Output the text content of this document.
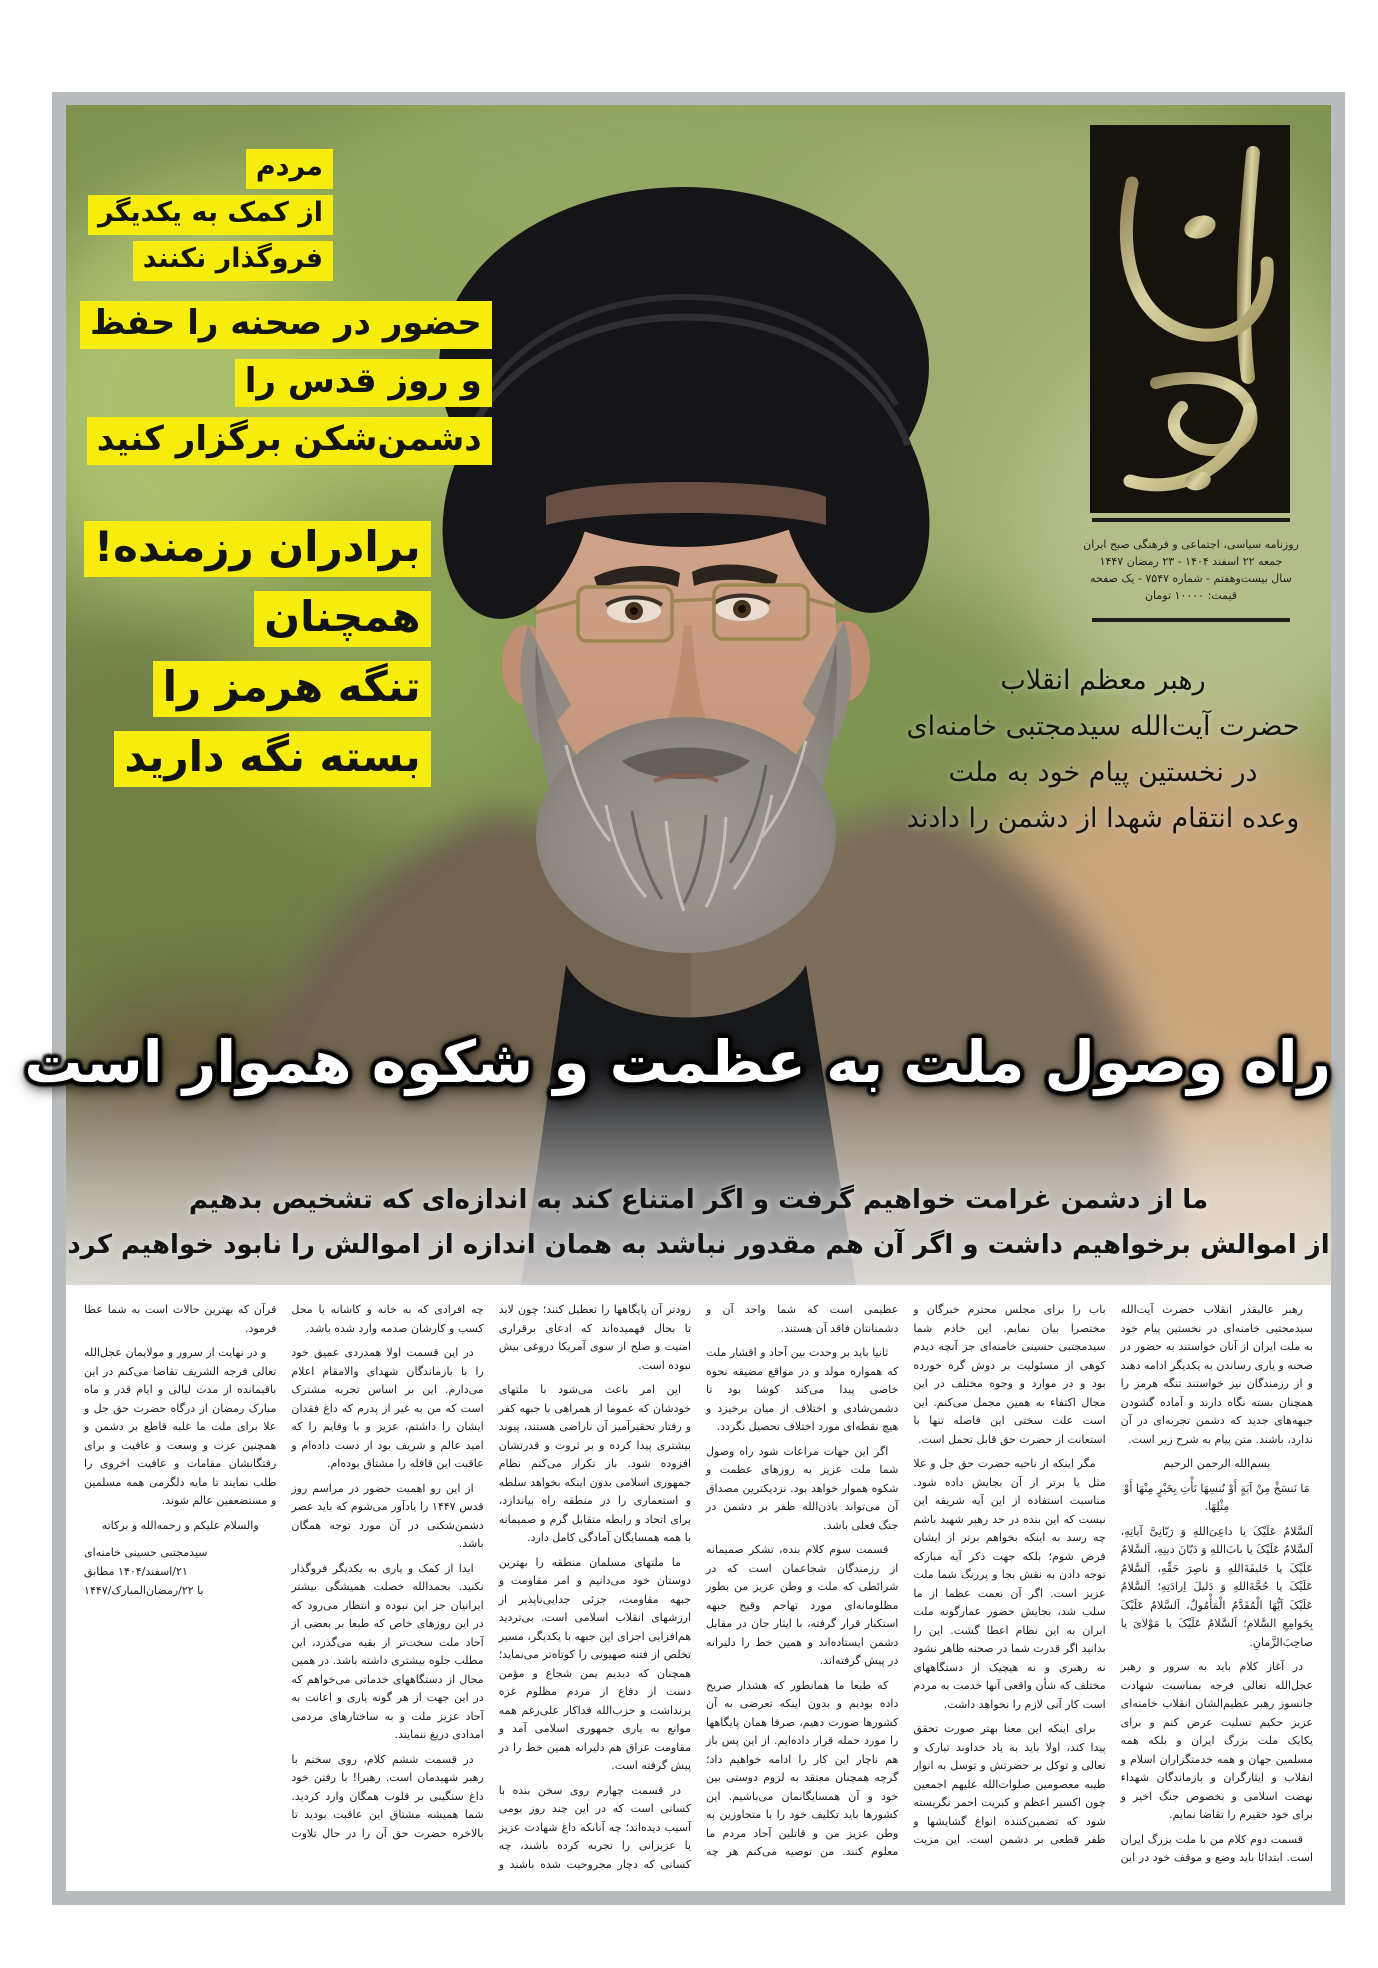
روزنامه سیاسی، اجتماعی و فرهنگی صبح ایران
جمعه ۲۲ اسفند ۱۴۰۴ - ۲۳ رمضان ۱۴۴۷
سال بیست‌وهفتم - شماره ۷۵۴۷ - یک صفحه
قیمت: ۱۰۰۰۰ تومان
رهبر معظم انقلاب
حضرت آیت‌الله سیدمجتبی خامنه‌ای
در نخستین پیام خود به ملت
وعده انتقام شهدا از دشمن را دادند
مردم
از کمک به یکدیگر
فروگذار نکنند
حضور در صحنه را حفظ
و روز قدس را
دشمن‌شکن برگزار کنید
برادران رزمنده!
همچنان
تنگه هرمز را
بسته نگه دارید
راه وصول ملت به عظمت و شکوه هموار است
ما از دشمن غرامت خواهیم گرفت و اگر امتناع کند به اندازه‌ای که تشخیص بدهیم
از اموالش برخواهیم داشت و اگر آن هم مقدور نباشد به همان اندازه از اموالش را نابود خواهیم کرد

رهبر عالیقدر انقلاب حضرت آیت‌الله سیدمجتبی خامنه‌ای در نخستین پیام خود به ملت ایران از آنان خواستند به حضور در صحنه و یاری رساندن به یکدیگر ادامه دهند و از رزمندگان نیز خواستند تنگه هرمز را همچنان بسته نگاه دارند و آماده گشودن جبهه‌های جدید که دشمن تجربه‌ای در آن ندارد، باشند. متن پیام به شرح زیر است.

بسم‌الله الرحمن الرحیم

مَا نَنسَخْ مِنْ آیَةٍ أَوْ نُنسِهَا نَأْتِ بِخَیْرٍ مِنْهَا أَوْ مِثْلِهَا.

اَلسَّلامُ عَلَیْکَ یا داعِیَ‌اللهِ وَ رَبّانِیَّ آیاتِهِ، اَلسَّلامُ عَلَیْکَ یا بابَ‌اللهِ وَ دَیّانَ دینِهِ، اَلسَّلامُ عَلَیْکَ یا خَلیفَةَ‌اللهِ وَ ناصِرَ حَقِّهِ، اَلسَّلامُ عَلَیْکَ یا حُجَّةَ‌اللهِ وَ دَلیلَ اِرادَتِهِ؛ اَلسَّلامُ عَلَیْکَ اَیُّهَا الْمُقَدَّمُ الْمَأْمُولُ، اَلسَّلامُ عَلَیْکَ بِجَوامِعِ السَّلامِ؛ اَلسَّلامُ عَلَیْکَ یا مَوْلایَ یا صاحِبَ‌الزَّمانِ.

در آغاز کلام باید به سرور و رهبر عجل‌الله تعالی فرجه بمناسبت شهادت جانسوز رهبر عظیم‌الشان انقلاب خامنه‌ای عزیز حکیم تسلیت عرض کنم و برای یکایک ملت بزرگ ایران و بلکه همه مسلمین جهان و همه خدمتگزاران اسلام و انقلاب و ایثارگران و بازماندگان شهداء نهضت اسلامی و بخصوص جنگ اخیر و برای خود حقیرم را تقاضا نمایم.

قسمت دوم کلام من با ملت بزرگ ایران است. ابتدائا باید وضع و موقف خود در این باب را برای مجلس محترم خبرگان و مختصرا بیان نمایم. این خادم شما سیدمجتبی حسینی خامنه‌ای جز آنچه دیدم کوهی از مسئولیت بر دوش گره خورده بود و در موارد و وجوه مختلف در این مجال اکتفاء به همین مجمل می‌کنم. این است علت سختی این فاصله تنها با استعانت از حضرت حق قابل تحمل است.

مگر اینکه از ناحیه حضرت حق جل و علا مثل یا برتر از آن بجایش داده شود. مناسبت استفاده از این آیه شریفه این نیست که این بنده در حد رهبر شهید باشم چه رسد به اینکه بخواهم برتر از ایشان فرض شوم؛ بلکه جهت ذکر آیه مبارکه توجه دادن به نقش بجا و پررنگ شما ملت عزیز است. اگر آن نعمت عظما از ما سلب شد، بجایش حضور عمارگونه ملت ایران به این نظام اعطا گشت. این را بدانید اگر قدرت شما در صحنه ظاهر نشود نه رهبری و نه هیچیک از دستگاههای مختلف که شأن واقعی آنها خدمت به مردم است کار آنی لازم را نخواهد داشت.

برای اینکه این معنا بهتر صورت تحقق پیدا کند، اولا باید به یاد خداوند تبارک و تعالی و توکل بر حضرتش و توسل به انوار طیبه معصومین صلوات‌الله علیهم اجمعین چون اکسیر اعظم و کبریت احمر نگریسته شود که تضمین‌کننده انواع گشایشها و ظفر قطعی بر دشمن است. این مزیت عظیمی است که شما واجد آن و دشمنانتان فاقد آن هستند.

ثانیا باید بر وحدت بین آحاد و اقشار ملت که همواره مولد و در مواقع مضیقه نحوه خاصی پیدا می‌کند کوشا بود تا دشمن‌شادی و اختلاف از میان برخیزد و هیچ نقطه‌ای مورد اختلاف تحصیل نگردد.

اگر این جهات مراعات شود راه وصول شما ملت عزیز به روزهای عظمت و شکوه هموار خواهد بود. نزدیکترین مصداق آن می‌تواند باذن‌الله ظفر بر دشمن در جنگ فعلی باشد.

قسمت سوم کلام بنده، تشکر صمیمانه از رزمندگان شجاعمان است که در شرائطی که ملت و وطن عزیز من بطور مظلومانه‌ای مورد تهاجم وقیح جبهه استکبار قرار گرفته، با ایثار جان در مقابل دشمن ایستاده‌اند و همین خط را دلیرانه در پیش گرفته‌اند.

که طبعا ما همانطور که هشدار صریح داده بودیم و بدون اینکه تعرضی به آن کشورها صورت دهیم، صرفا همان پایگاهها را مورد حمله قرار داده‌ایم. از این پس باز هم ناچار این کار را ادامه خواهیم داد؛ گرچه همچنان معتقد به لزوم دوستی بین خود و آن همسایگانمان می‌باشیم. این کشورها باید تکلیف خود را با متجاوزین به وطن عزیز من و قاتلین آحاد مردم ما معلوم کنند. من توصیه می‌کنم هر چه زودتر آن پایگاهها را تعطیل کنند؛ چون لابد تا بحال فهمیده‌اند که ادعای برقراری امنیت و صلح از سوی آمریکا دروغی بیش نبوده است.

این امر باعث می‌شود با ملتهای خودشان که عموما از همراهی با جبهه کفر و رفتار تحقیرآمیز آن ناراضی هستند، پیوند بیشتری پیدا کرده و بر ثروت و قدرتشان افزوده شود. باز تکرار می‌کنم نظام جمهوری اسلامی بدون اینکه بخواهد سلطه و استعماری را در منطقه راه بیاندازد، برای اتحاد و رابطه متقابل گرم و صمیمانه با همه همسایگان آمادگی کامل دارد.

ما ملتهای مسلمان منطقه را بهترین دوستان خود می‌دانیم و امر مقاومت و جبهه مقاومت، جزئی جدایی‌ناپذیر از ارزشهای انقلاب اسلامی است. بی‌تردید هم‌افزایی اجزای این جبهه با یکدیگر، مسیر تخلص از فتنه صهیونی را کوتاه‌تر می‌نماید؛ همچنان که دیدیم یمن شجاع و مؤمن دست از دفاع از مردم مظلوم غزه برنداشت و حزب‌الله فداکار علی‌رغم همه موانع به یاری جمهوری اسلامی آمد و مقاومت عراق هم دلیرانه همین خط را در پیش گرفته است.

در قسمت چهارم روی سخن بنده با کسانی است که در این چند روز بومی آسیب دیده‌اند؛ چه آنانکه داغ شهادت عزیز یا عزیزانی را تجربه کرده باشند، چه کسانی که دچار مجروحیت شده باشند و چه افرادی که به خانه و کاشانه یا محل کسب و کارشان صدمه وارد شده باشد.

در این قسمت اولا همدردی عمیق خود را با بازماندگان شهدای والامقام اعلام می‌دارم. این بر اساس تجربه مشترک است که من به غیر از پدرم که داغ فقدان ایشان را داشتم، عزیز و با وفایم را که امید عالم و شریف بود از دست داده‌ام و عاقبت این قافله را مشتاق بوده‌ام.

از این رو اهمیت حضور در مراسم روز قدس ۱۴۴۷ را یادآور می‌شوم که باید عصر دشمن‌شکنی در آن مورد توجه همگان باشد.

ابدا از کمک و یاری به یکدیگر فروگذار نکنید. بحمدالله خصلت همیشگی بیشتر ایرانیان جز این نبوده و انتظار می‌رود که در این روزهای خاص که طبعا بر بعضی از آحاد ملت سخت‌تر از بقیه می‌گذرد، این مطلب جلوه بیشتری داشته باشد. در همین مجال از دستگاههای خدماتی می‌خواهم که در این جهت از هر گونه یاری و اعانت به آحاد عزیز ملت و به ساختارهای مردمی امدادی دریغ ننمایند.

در قسمت ششم کلام، روی سخنم با رهبر شهیدمان است. رهبرا! با رفتن خود داغ سنگینی بر قلوب همگان وارد کردید. شما همیشه مشتاق این عاقبت بودید تا بالاخره حضرت حق آن را در حال تلاوت قرآن که بهترین حالات است به شما عطا فرمود.

و در نهایت از سرور و مولایمان عجل‌الله تعالی فرجه الشریف تقاضا می‌کنم در این باقیمانده از مدت لیالی و ایام قدر و ماه مبارک رمضان از درگاه حضرت حق جل و علا برای ملت ما غلبه قاطع بر دشمن و همچنین عزت و وسعت و عافیت و برای رفتگانشان مقامات و عافیت اخروی را طلب نمایند تا مایه دلگرمی همه مسلمین و مستضعفین عالم شوند.

والسلام علیکم و رحمه‌الله و برکاته

سیدمجتبی حسینی خامنه‌ای
۲۱/اسفند/۱۴۰۴ مطابق
با ۲۲/رمضان‌المبارک/۱۴۴۷
